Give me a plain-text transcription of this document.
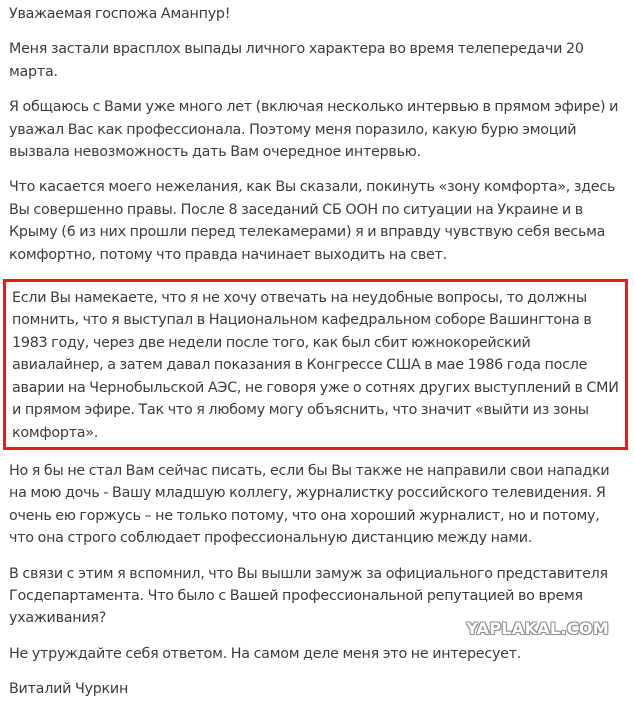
Уважаемая госпожа Аманпур!

Меня застали врасплох выпады личного характера во время телепередачи 20 марта.

Я общаюсь с Вами уже много лет (включая несколько интервью в прямом эфире) и уважал Вас как профессионала. Поэтому меня поразило, какую бурю эмоций вызвала невозможность дать Вам очередное интервью.

Что касается моего нежелания, как Вы сказали, покинуть «зону комфорта», здесь Вы совершенно правы. После 8 заседаний СБ ООН по ситуации на Украине и в Крыму (6 из них прошли перед телекамерами) я и вправду чувствую себя весьма комфортно, потому что правда начинает выходить на свет.

Если Вы намекаете, что я не хочу отвечать на неудобные вопросы, то должны помнить, что я выступал в Национальном кафедральном соборе Вашингтона в 1983 году, через две недели после того, как был сбит южнокорейский авиалайнер, а затем давал показания в Конгрессе США в мае 1986 года после аварии на Чернобыльской АЭС, не говоря уже о сотнях других выступлений в СМИ и прямом эфире. Так что я любому могу объяснить, что значит «выйти из зоны комфорта».

Но я бы не стал Вам сейчас писать, если бы Вы также не направили свои нападки на мою дочь - Вашу младшую коллегу, журналистку российского телевидения. Я очень ею горжусь – не только потому, что она хороший журналист, но и потому, что она строго соблюдает профессиональную дистанцию между нами.

В связи с этим я вспомнил, что Вы вышли замуж за официального представителя Госдепартамента. Что было с Вашей профессиональной репутацией во время ухаживания?

Не утруждайте себя ответом. На самом деле меня это не интересует.

Виталий Чуркин

YAPLAKAL.COM
